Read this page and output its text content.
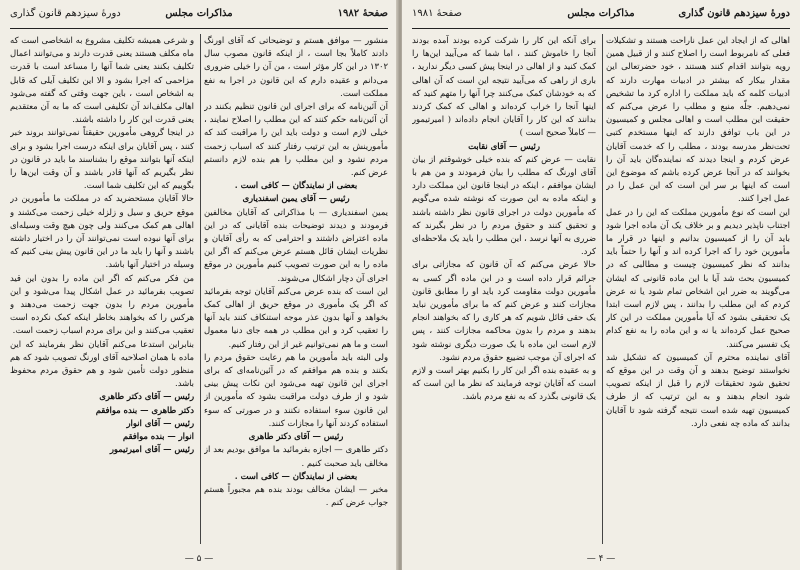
صفحهٔ ۱۹۸۲
مذاکرات مجلس
دورهٔ سیزدهم قانون گذاری

منشور — موافق هستم و توضیحاتی که آقای اورنگ دادند کاملاً بجا است ، از اینکه قانون مصوب سال ۱۳۰۲ در این کار مؤثر است ، من آن را خیلی ضروری می‌دانم و عقیده دارم که این قانون در اجرا به نفع مملکت است.

آن آئین‌نامه که برای اجرای این قانون تنظیم بکنند در آن آئین‌نامه حکم کنند که این مطلب را اصلاح نمایند ، خیلی لازم است و دولت باید این را مراقبت کند که مأمورینش به این ترتیب رفتار کنند که اسباب زحمت مردم نشود و این مطلب را هم بنده لازم دانستم عرض کنم.

بعضی از نمایندگان — کافی است .

رئیس — آقای یمین اسفندیاری

یمین اسفندیاری — با مذاکراتی که آقایان مخالفین فرمودند و دیدند توضیحات بنده آقایانی که در این ماده اعتراض داشتند و احترامی که به رأی آقایان و نظریات ایشان قائل هستم عرض می‌کنم که اگر این ماده را به این صورت تصویب کنیم مأمورین در موقع اجرای آن دچار اشکال می‌شوند.

این است که بنده عرض می‌کنم آقایان توجه بفرمائید که اگر یک مأموری در موقع حریق از اهالی کمک بخواهد و آنها بدون عذر موجه استنکاف کنند باید آنها را تعقیب کرد و این مطلب در همه جای دنیا معمول است و ما هم نمی‌توانیم غیر از این رفتار کنیم.

ولی البته باید مأمورین ما هم رعایت حقوق مردم را بکنند و بنده هم موافقم که در آئین‌نامه‌ای که برای اجرای این قانون تهیه می‌شود این نکات پیش بینی شود و از طرف دولت مراقبت بشود که مأمورین از این قانون سوء استفاده نکنند و در صورتی که سوء استفاده کردند آنها را مجازات کنند.

رئیس — آقای دکتر طاهری

دکتر طاهری — اجازه بفرمائید ما موافق بودیم بعد از مخالف باید صحبت کنیم .

بعضی از نمایندگان — کافی است .

مخبر — ایشان مخالف بودند بنده هم مجبوراً هستم جواب عرض کنم .

و شرعی همیشه تکلیف مشروع به اشخاصی است که ماه مکلف هستند یعنی قدرت دارند و می‌توانند اعمال تکلیف بکنند یعنی شما آنها را مساعد است با قدرت مزاحمی که اجرا بشود و الا این تکلیف آیلی که قابل به اشخاص است ، باین جهت وقتی که گفته می‌شود اهالی مکلف‌اند آن تکلیفی است که ما به آن معتقدیم یعنی قدرت این کار را داشته باشند.

در اینجا گروهی مأمورین حقیقتاً نمی‌توانند بروند خبر کنند ، پس آقایان برای اینکه درست اجرا بشود و برای اینکه آنها بتوانند موقع را بشناسند ما باید در قانون در نظر بگیریم که آنها قادر باشند و آن وقت این‌ها را بگوییم که این تکلیف شما است.

حالا آقایان مستحضرید که در مملکت ما مأمورین در موقع حریق و سیل و زلزله خیلی زحمت می‌کشند و اهالی هم کمک می‌کنند ولی چون هیچ وقت وسیله‌ای برای آنها نبوده است نمی‌توانند آن را در اختیار داشته باشند و آنها را باید ما در این قانون پیش بینی کنیم که وسیله در اختیار آنها باشد.

من فکر می‌کنم که اگر این ماده را بدون این قید تصویب بفرمائید در عمل اشکال پیدا می‌شود و این مأمورین مردم را بدون جهت زحمت می‌دهند و هرکس را که بخواهند بخاطر اینکه کمک نکرده است تعقیب می‌کنند و این برای مردم اسباب زحمت است.

بنابراین استدعا می‌کنم آقایان نظر بفرمایند که این ماده با همان اصلاحیه آقای اورنگ تصویب شود که هم منظور دولت تأمین شود و هم حقوق مردم محفوظ باشد.

رئیس — آقای دکتر طاهری

دکتر طاهری — بنده موافقم

رئیس — آقای انوار

انوار — بنده موافقم

رئیس — آقای امیرتیمور

— ۵ —
دورهٔ سیزدهم قانون گذاری
مذاکرات مجلس
صفحهٔ ۱۹۸۱

اهالی که از ایجاد این عمل ناراحت هستند و تشکیلات فعلی که نامربوط است را اصلاح کنند و از قبیل همین رویه بتوانند اقدام کنند هستند ، خود حضرتعالی این مقدار بیکار که بیشتر در ادبیات مهارت دارند که ادبیات کلمه که باید مملکت را اداره کرد ما تشخیص نمی‌دهیم. جلّه منبع و مطلب را عرض می‌کنم که حقیقت این مطلب است و اهالی مجلس و کمیسیون در این باب توافق دارند که اینها مستخدم کتبی تحت‌نظر مدرسه بودند ، مطلب را که خدمت آقایان عرض کردم و اینجا دیدند که نماینده‌گان باید آن را بخوانند که در آنجا عرض کرده باشم که موضوع این است که اینها بر سر این است که این عمل را در عمل اجرا کنند.

این است که نوع مأمورین مملکت که این را در عمل اجتناب ناپذیر دیدیم و بر خلاف یک آن ماده اجرا شود باید آن را از کمیسیون بدانیم و اینها در قرار ما مأمورین خود را که اجرا کرده اند و آنها را حتماً باید بدانند که نظر کمیسیون چیست و مطالبی که در کمیسیون بحث شد آیا با این ماده قانونی که ایشان می‌گویند به ضرر این اشخاص تمام شود یا نه عرض کردم که این مطلب را بدانند ، پس لازم است ابتدا یک تحقیقی بشود که آیا مأمورین مملکت در این کار صحیح عمل کرده‌اند یا نه و این ماده را به نفع کدام یک تفسیر می‌کنند.

آقای نماینده محترم آن کمیسیون که تشکیل شد نخواستند توضیح بدهند و آن وقت در این موقع که تحقیق شود تحقیقات لازم را قبل از اینکه تصویب شود انجام بدهند و به این ترتیب که از طرف کمیسیون تهیه شده است نتیجه گرفته شود تا آقایان بدانند که ماده چه نفعی دارد.

برای آنکه این کار را شرکت کرده بودند آمده بودند آنجا را خاموش کنند ، اما شما که می‌آیید این‌ها را کمک کنید و از اهالی در اینجا پیش کسی دیگر ندارید ، باری از راهی که می‌آیید نتیجه این است که آن اهالی که به خودشان کمک می‌کنند چرا آنها را متهم کنید که اینها آنجا را خراب کرده‌اند و اهالی که کمک کردند بدانند که این کار را آقایان انجام داده‌اند ( امیرتیمور — کاملاً صحیح است )

رئیس — آقای نقابت

نقابت — عرض کنم که بنده خیلی خوشوقتم از بیان آقای اورنگ که مطلب را بیان فرمودند و من هم با ایشان موافقم ، اینکه در اینجا قانون این مملکت دارد و اینکه ماده به این صورت که نوشته شده می‌گویم که مأمورین دولت در اجرای قانون نظر داشته باشند و تحقیق کنند و حقوق مردم را در نظر بگیرند که ضرری به آنها نرسد ، این مطلب را باید یک ملاحظه‌ای کرد.

حالا عرض می‌کنم که آن قانون که مجازاتی برای جرائم قرار داده است و در این ماده اگر کسی به مأمورین دولت مقاومت کرد باید او را مطابق قانون مجازات کنند و عرض کنم که ما برای مأمورین نباید یک حقی قائل شویم که هر کاری را که بخواهند انجام بدهند و مردم را بدون محاکمه مجازات کنند ، پس لازم است این ماده با یک صورت دیگری نوشته شود که اجرای آن موجب تضییع حقوق مردم نشود.

و به عقیده بنده اگر این کار را بکنیم بهتر است و لازم است که آقایان توجه فرمایند که نظر ما این است که یک قانونی بگذرد که به نفع مردم باشد.

— ۴ —
